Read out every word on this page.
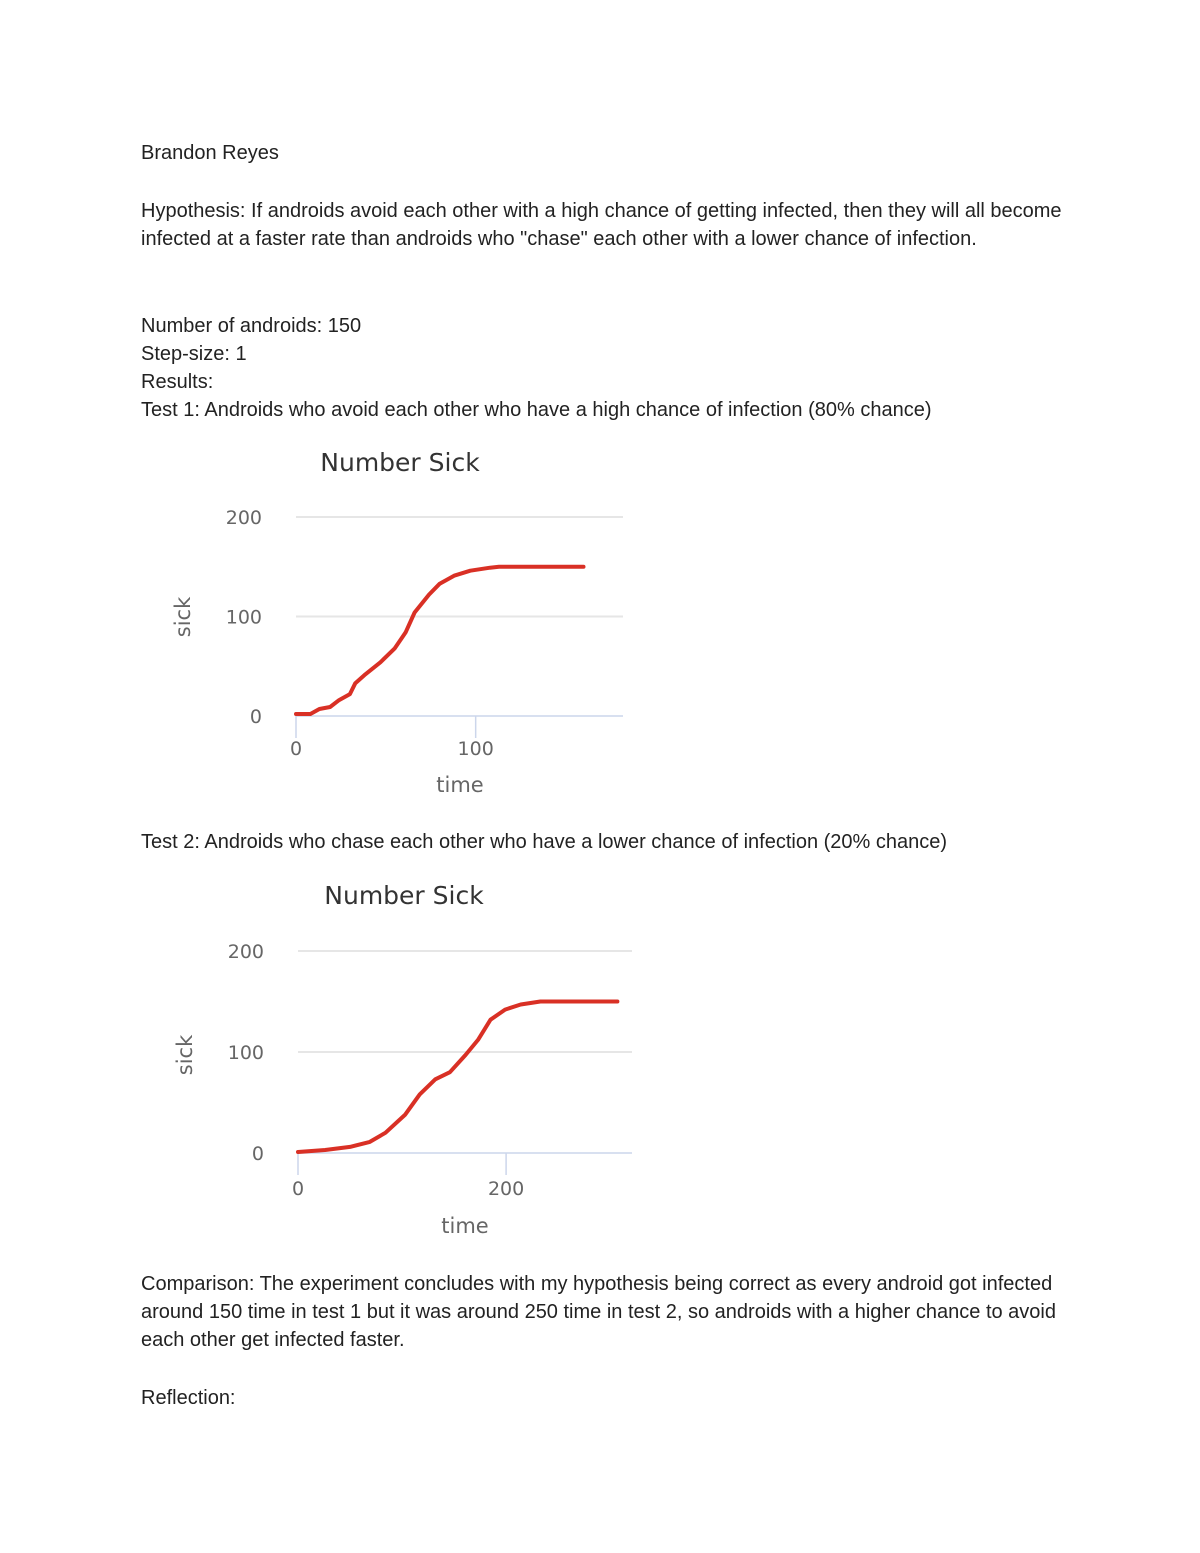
Brandon Reyes
Hypothesis: If androids avoid each other with a high chance of getting infected, then they will all become infected at a faster rate than androids who "chase" each other with a lower chance of infection.
Number of androids: 150
Step-size: 1
Results:
Test 1: Androids who avoid each other who have a high chance of infection (80% chance)
Number Sick
0
100
200
0	100
sick
time
Test 2: Androids who chase each other who have a lower chance of infection (20% chance)
Number Sick
0
100
200
0	200
sick
time
Comparison: The experiment concludes with my hypothesis being correct as every android got infected around 150 time in test 1 but it was around 250 time in test 2, so androids with a higher chance to avoid each other get infected faster.
Reflection:
